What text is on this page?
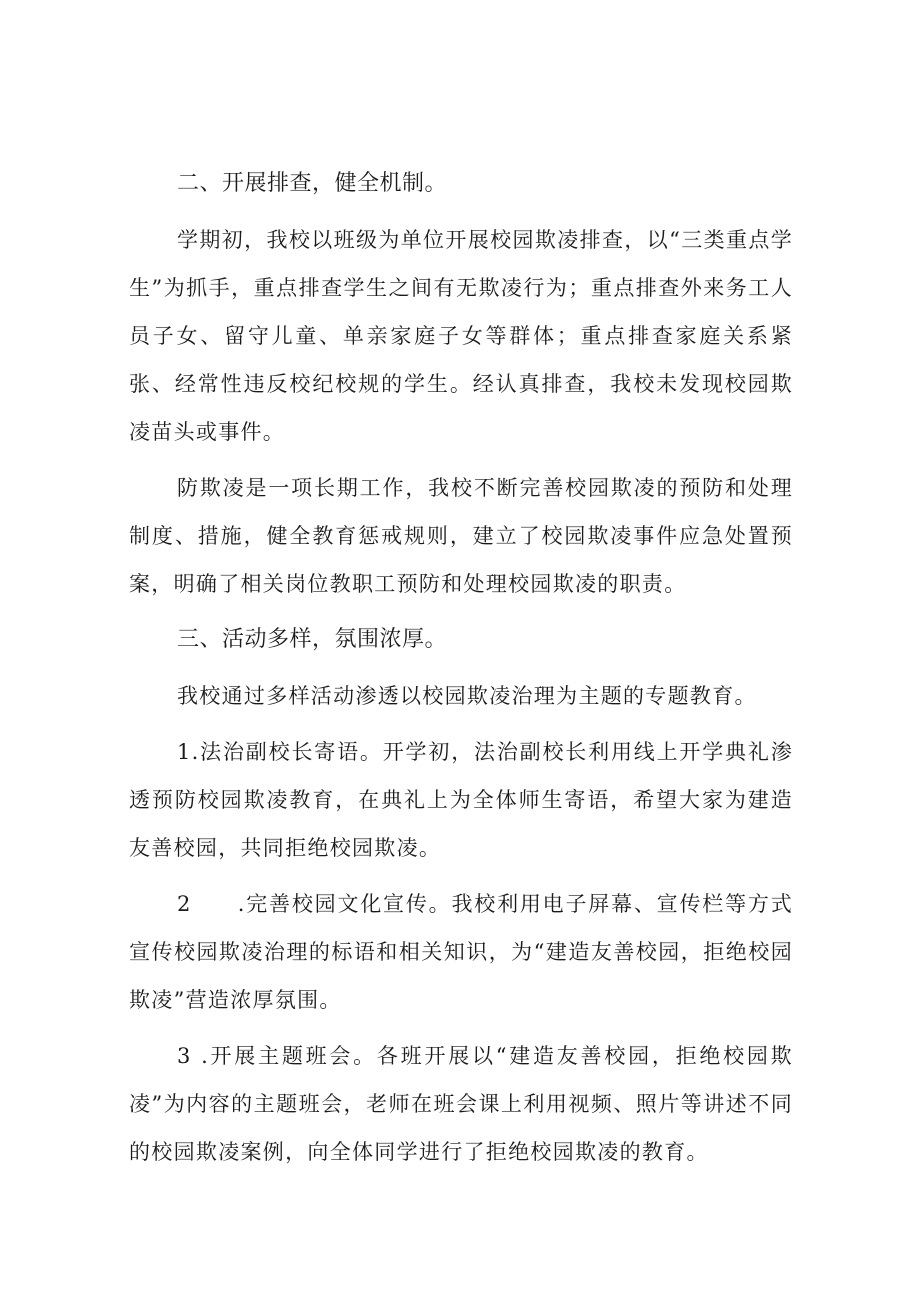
二、开展排查，健全机制。

学期初，我校以班级为单位开展校园欺凌排查，以“三类重点学生”为抓手，重点排查学生之间有无欺凌行为；重点排查外来务工人员子女、留守儿童、单亲家庭子女等群体；重点排查家庭关系紧张、经常性违反校纪校规的学生。经认真排查，我校未发现校园欺凌苗头或事件。

防欺凌是一项长期工作，我校不断完善校园欺凌的预防和处理制度、措施，健全教育惩戒规则，建立了校园欺凌事件应急处置预案，明确了相关岗位教职工预防和处理校园欺凌的职责。

三、活动多样，氛围浓厚。

我校通过多样活动渗透以校园欺凌治理为主题的专题教育。

1.法治副校长寄语。开学初，法治副校长利用线上开学典礼渗透预防校园欺凌教育，在典礼上为全体师生寄语，希望大家为建造友善校园，共同拒绝校园欺凌。

2　　.完善校园文化宣传。我校利用电子屏幕、宣传栏等方式宣传校园欺凌治理的标语和相关知识，为“建造友善校园，拒绝校园欺凌”营造浓厚氛围。

3 .开展主题班会。各班开展以“建造友善校园，拒绝校园欺凌”为内容的主题班会，老师在班会课上利用视频、照片等讲述不同的校园欺凌案例，向全体同学进行了拒绝校园欺凌的教育。
